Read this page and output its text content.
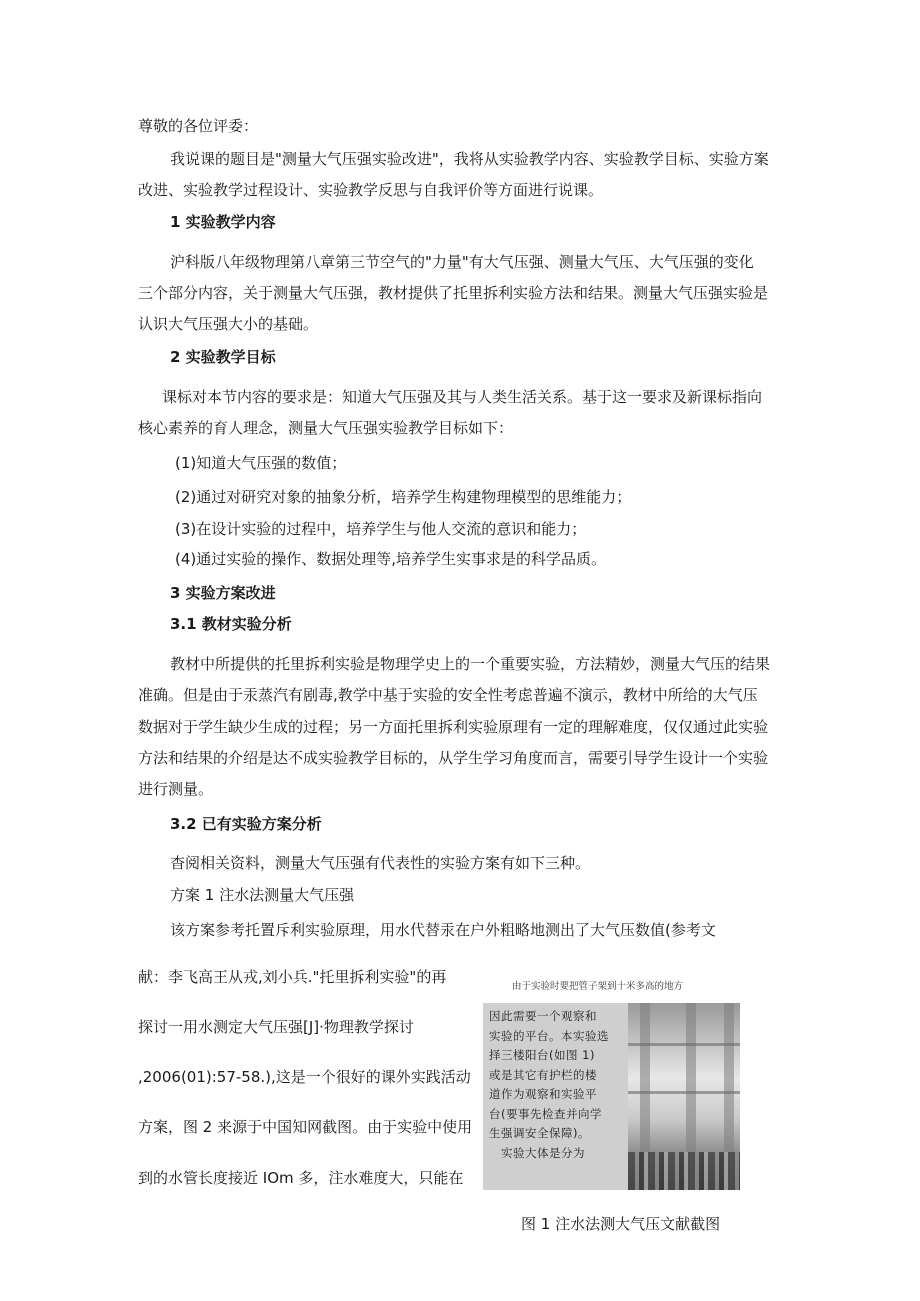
尊敬的各位评委：
我说课的题目是"测量大气压强实验改进"，我将从实验教学内容、实验教学目标、实验方案
改进、实验教学过程设计、实验教学反思与自我评价等方面进行说课。
1 实验教学内容
沪科版八年级物理第八章第三节空气的"力量"有大气压强、测量大气压、大气压强的变化
三个部分内容，关于测量大气压强，教材提供了托里拆利实验方法和结果。测量大气压强实验是
认识大气压强大小的基础。
2 实验教学目标
课标对本节内容的要求是：知道大气压强及其与人类生活关系。基于这一要求及新课标指向
核心素养的育人理念，测量大气压强实验教学目标如下：
(1)知道大气压强的数值；
(2)通过对研究对象的抽象分析，培养学生构建物理模型的思维能力；
(3)在设计实验的过程中，培养学生与他人交流的意识和能力；
(4)通过实验的操作、数据处理等,培养学生实事求是的科学品质。
3 实验方案改进
3.1 教材实验分析
教材中所提供的托里拆利实验是物理学史上的一个重要实验，方法精妙，测量大气压的结果
准确。但是由于汞蒸汽有剧毒,教学中基于实验的安全性考虑普遍不演示，教材中所给的大气压
数据对于学生缺少生成的过程；另一方面托里拆利实验原理有一定的理解难度，仅仅通过此实验
方法和结果的介绍是达不成实验教学目标的，从学生学习角度而言，需要引导学生设计一个实验
进行测量。
3.2 已有实验方案分析
杳阅相关资料，测量大气压强有代表性的实验方案有如下三种。
方案 1 注水法测量大气压强
该方案参考托置斥利实验原理，用水代替汞在户外粗略地测出了大气压数值(参考文
献：李飞高王从戎,刘小兵."托里拆利实验"的再
探讨一用水测定大气压强[J]·物理教学探讨
,2006(01):57-58.),这是一个很好的课外实践活动
方案，图 2 来源于中国知网截图。由于实验中使用
到的水管长度接近 IOm 多，注水难度大，只能在
由于实验时要把管子架到十米多高的地方
因此需要一个观察和
实验的平台。本实验选
择三楼阳台(如图 1)
或是其它有护栏的楼
道作为观察和实验平
台(要事先检查并向学
生强调安全保障)。
　实验大体是分为
图 1 注水法测大气压文献截图
